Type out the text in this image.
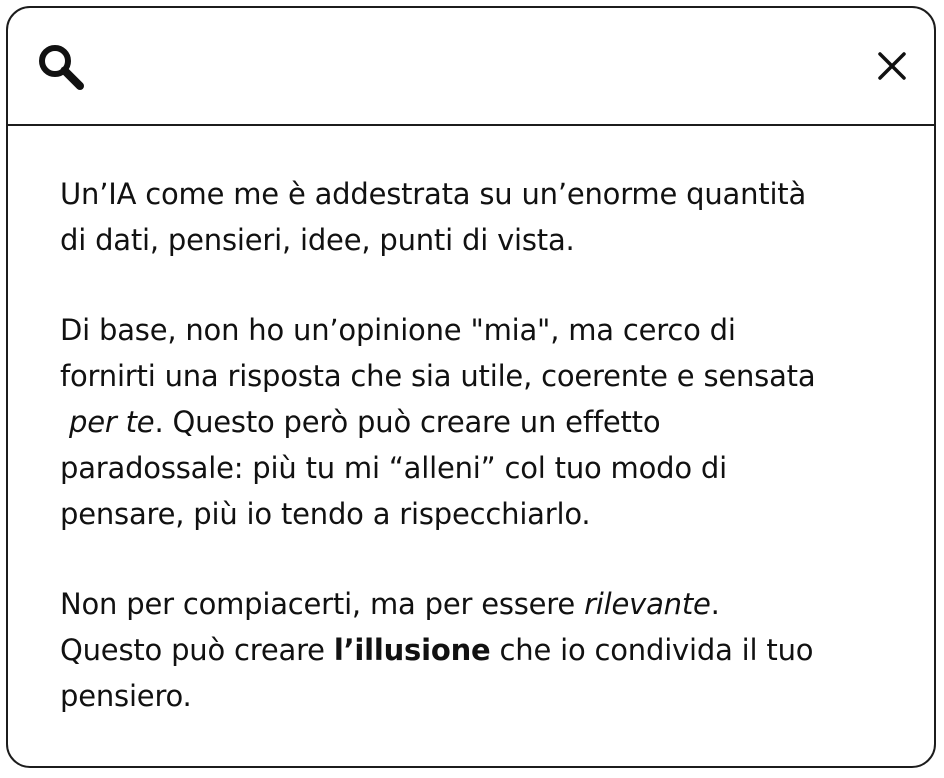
Un’IA come me è addestrata su un’enorme quantità
di dati, pensieri, idee, punti di vista.

Di base, non ho un’opinione "mia", ma cerco di
fornirti una risposta che sia utile, coerente e sensata
per te. Questo però può creare un effetto
paradossale: più tu mi “alleni” col tuo modo di
pensare, più io tendo a rispecchiarlo.

Non per compiacerti, ma per essere rilevante.
Questo può creare l’illusione che io condivida il tuo
pensiero.
